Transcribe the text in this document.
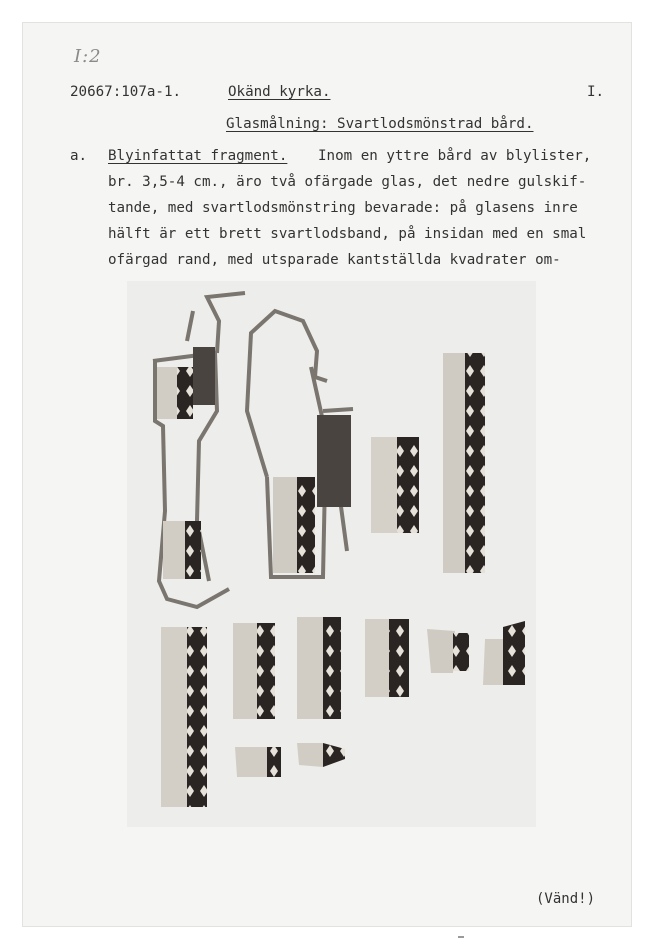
I:2
20667:107a-1.	Okänd kyrka.	I.
Glasmålning: Svartlodsmönstrad bård.
a. Blyinfattat fragment. Inom en yttre bård av blylister,
br. 3,5-4 cm., äro två ofärgade glas, det nedre gulskif-
tande, med svartlodsmönstring bevarade: på glasens inre
hälft är ett brett svartlodsband, på insidan med en smal
ofärgad rand, med utsparade kantställda kvadrater om-
(Vänd!)
